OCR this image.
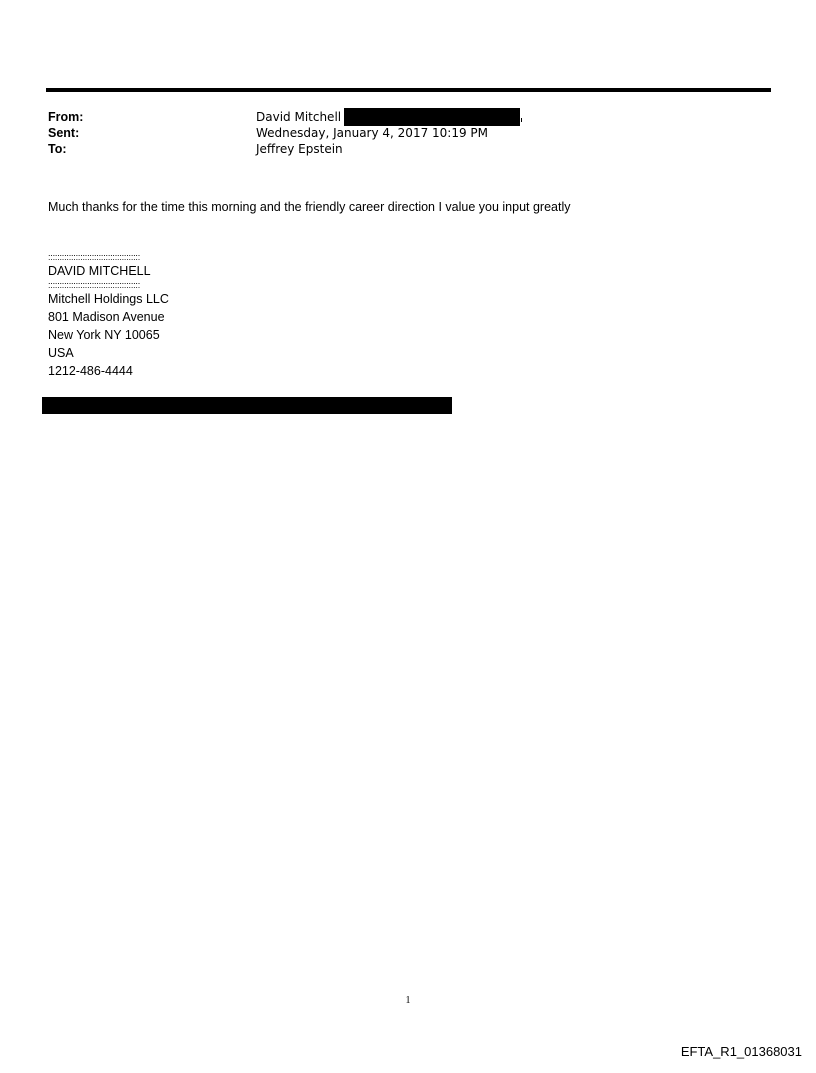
From:	David Mitchell
Sent:	Wednesday, January 4, 2017 10:19 PM
To:	Jeffrey Epstein
Much thanks for the time this morning and the friendly career direction I value you input greatly
::::::::::::::::::::::::::::::::::::::::
DAVID MITCHELL
::::::::::::::::::::::::::::::::::::::::
Mitchell Holdings LLC
801 Madison Avenue
New York NY 10065
USA
1212-486-4444
1
EFTA_R1_01368031
